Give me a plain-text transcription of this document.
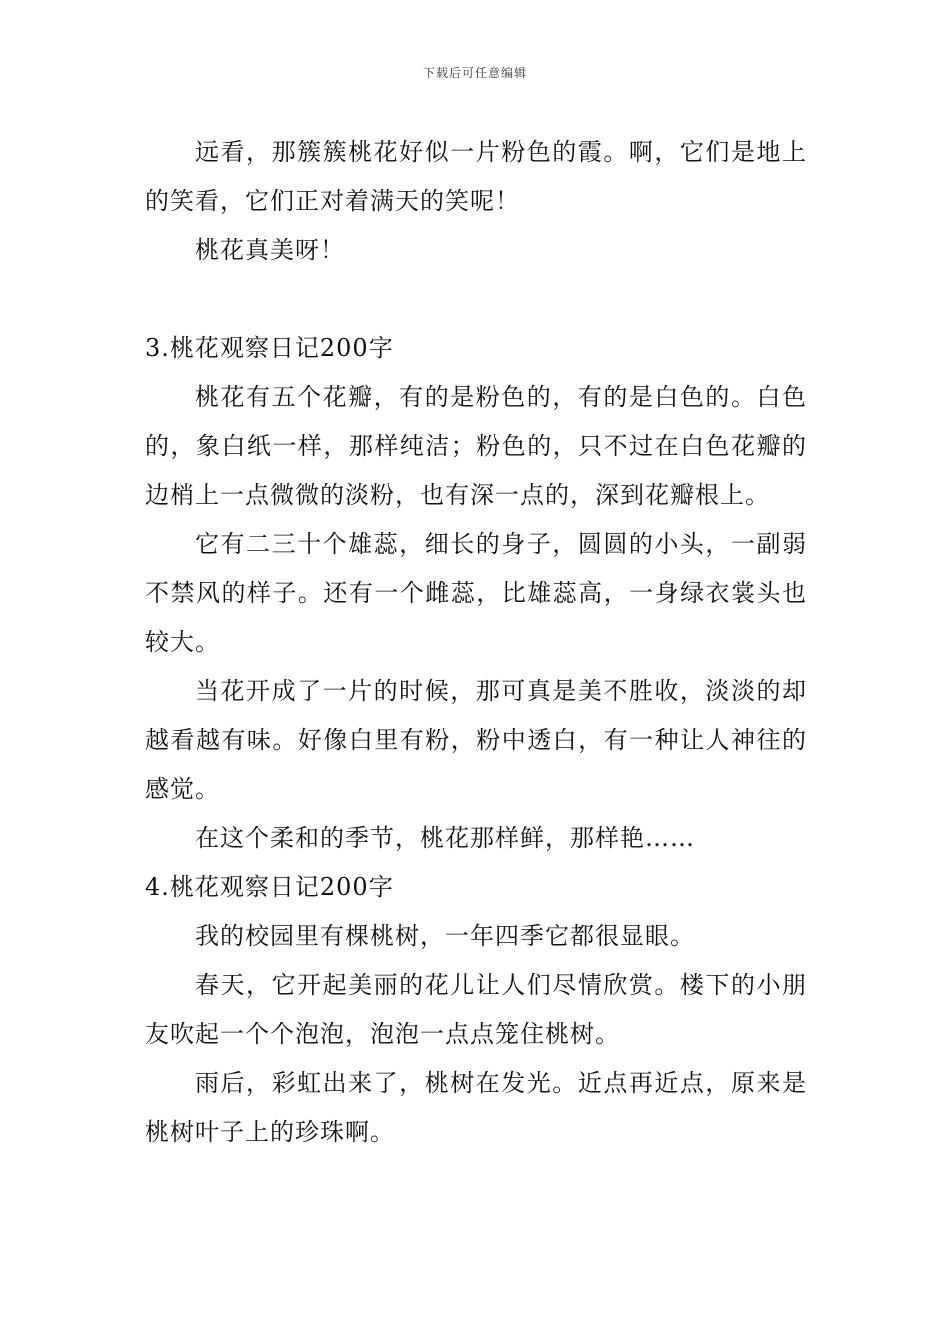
下载后可任意编辑

远看，那簇簇桃花好似一片粉色的霞。啊，它们是地上的笑看，它们正对着满天的笑呢！

桃花真美呀！

3.桃花观察日记200字

桃花有五个花瓣，有的是粉色的，有的是白色的。白色的，象白纸一样，那样纯洁；粉色的，只不过在白色花瓣的边梢上一点微微的淡粉，也有深一点的，深到花瓣根上。

它有二三十个雄蕊，细长的身子，圆圆的小头，一副弱不禁风的样子。还有一个雌蕊，比雄蕊高，一身绿衣裳头也较大。

当花开成了一片的时候，那可真是美不胜收，淡淡的却越看越有味。好像白里有粉，粉中透白，有一种让人神往的感觉。

在这个柔和的季节，桃花那样鲜，那样艳……

4.桃花观察日记200字

我的校园里有棵桃树，一年四季它都很显眼。

春天，它开起美丽的花儿让人们尽情欣赏。楼下的小朋友吹起一个个泡泡，泡泡一点点笼住桃树。

雨后，彩虹出来了，桃树在发光。近点再近点，原来是桃树叶子上的珍珠啊。
